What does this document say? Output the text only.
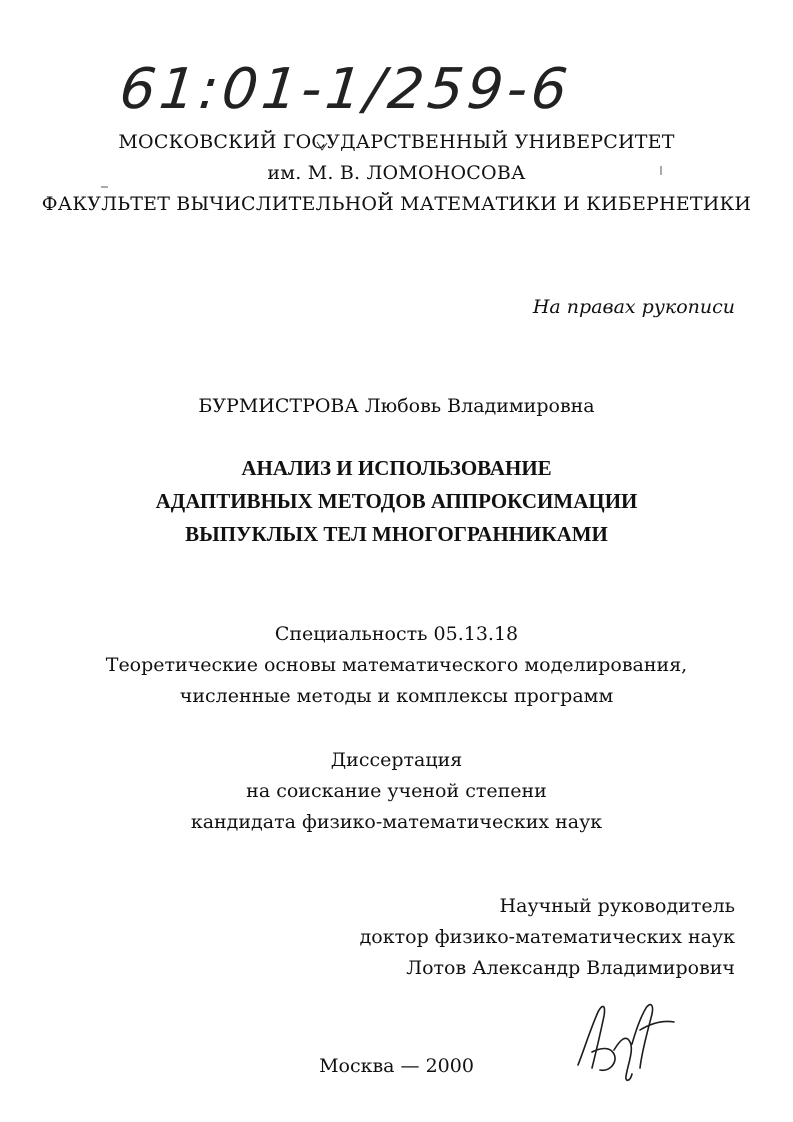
61:01-1/259-6
МОСКОВСКИЙ ГОСУДАРСТВЕННЫЙ УНИВЕРСИТЕТ
им. М. В. ЛОМОНОСОВА
ФАКУЛЬТЕТ ВЫЧИСЛИТЕЛЬНОЙ МАТЕМАТИКИ И КИБЕРНЕТИКИ
На правах рукописи
БУРМИСТРОВА Любовь Владимировна
АНАЛИЗ И ИСПОЛЬЗОВАНИЕ
АДАПТИВНЫХ МЕТОДОВ АППРОКСИМАЦИИ
ВЫПУКЛЫХ ТЕЛ МНОГОГРАННИКАМИ
Специальность 05.13.18
Теоретические основы математического моделирования,
численные методы и комплексы программ
Диссертация
на соискание ученой степени
кандидата физико-математических наук
Научный руководитель
доктор физико-математических наук
Лотов Александр Владимирович
Москва — 2000
